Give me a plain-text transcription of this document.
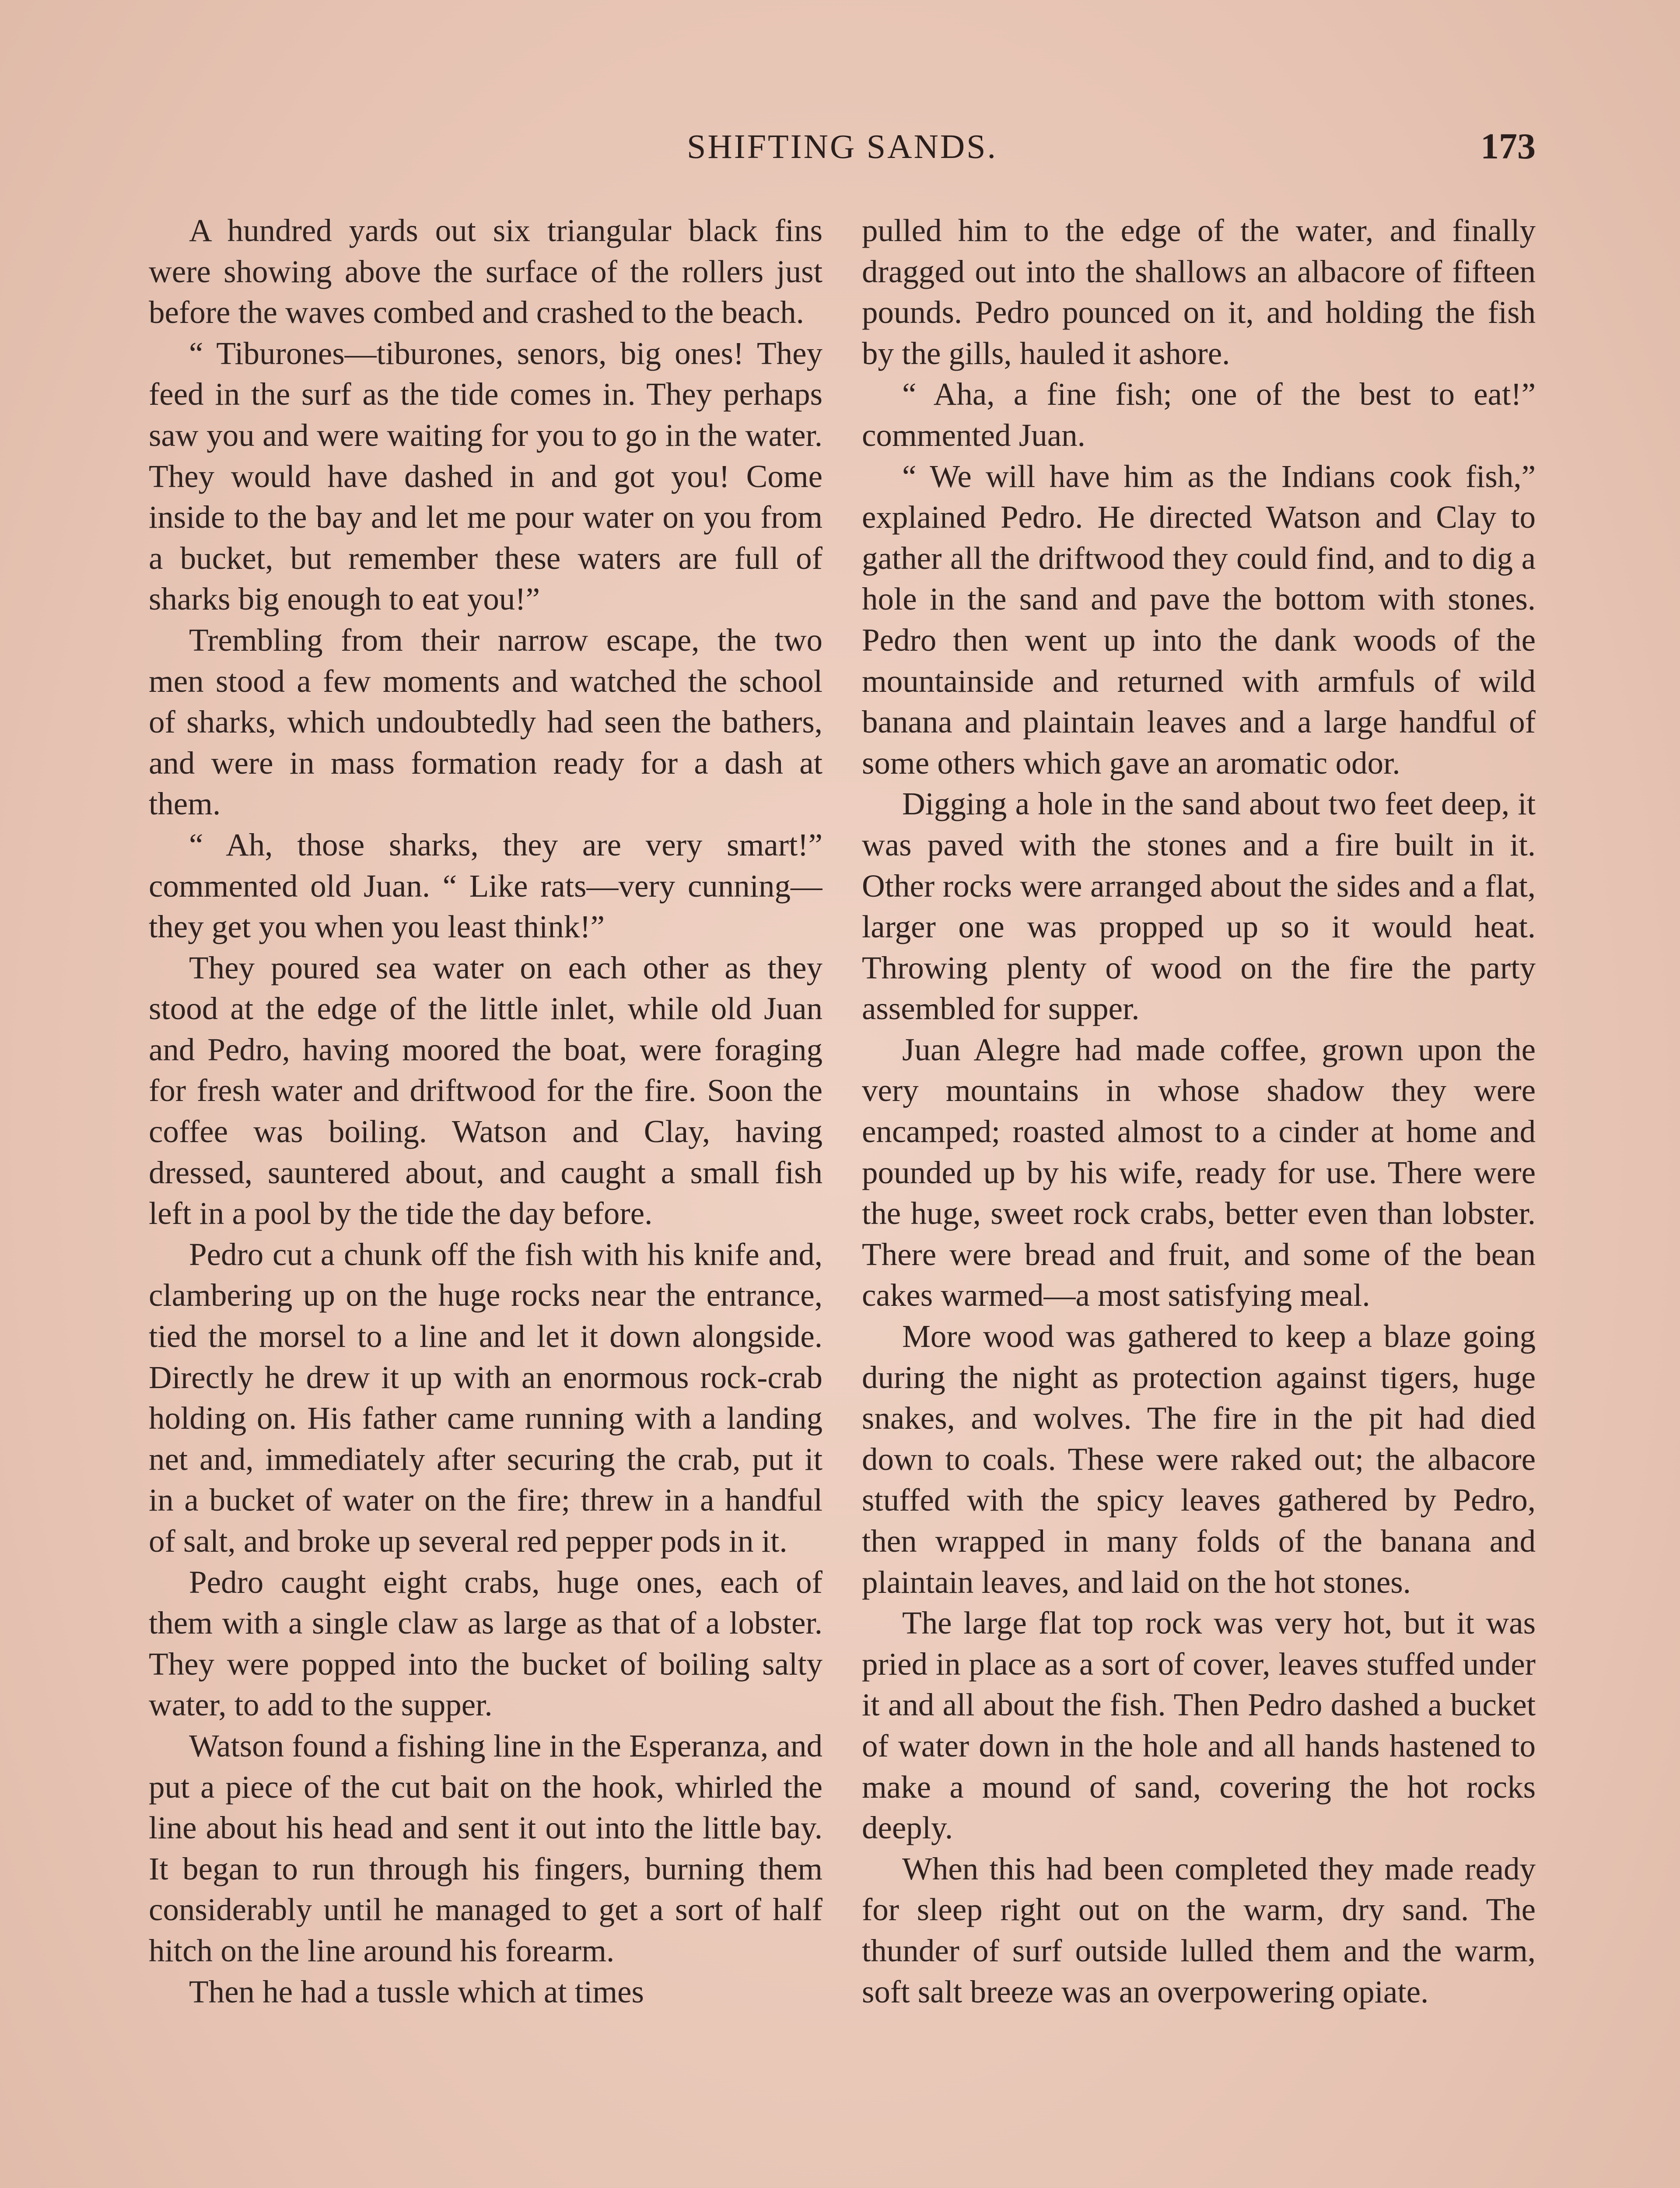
SHIFTING SANDS.	173

A hundred yards out six triangular black fins were showing above the surface of the rollers just before the waves combed and crashed to the beach.

“ Tiburones—tiburones, senors, big ones! They feed in the surf as the tide comes in. They perhaps saw you and were waiting for you to go in the water. They would have dashed in and got you! Come inside to the bay and let me pour water on you from a bucket, but remember these waters are full of sharks big enough to eat you!”

Trembling from their narrow escape, the two men stood a few moments and watched the school of sharks, which undoubtedly had seen the bathers, and were in mass formation ready for a dash at them.

“ Ah, those sharks, they are very smart!” commented old Juan. “ Like rats—very cunning—they get you when you least think!”

They poured sea water on each other as they stood at the edge of the little inlet, while old Juan and Pedro, having moored the boat, were foraging for fresh water and driftwood for the fire. Soon the coffee was boiling. Watson and Clay, having dressed, sauntered about, and caught a small fish left in a pool by the tide the day before.

Pedro cut a chunk off the fish with his knife and, clambering up on the huge rocks near the entrance, tied the morsel to a line and let it down alongside. Directly he drew it up with an enormous rock-crab holding on. His father came running with a landing net and, immediately after securing the crab, put it in a bucket of water on the fire; threw in a handful of salt, and broke up several red pepper pods in it.

Pedro caught eight crabs, huge ones, each of them with a single claw as large as that of a lobster. They were popped into the bucket of boiling salty water, to add to the supper.

Watson found a fishing line in the Esperanza, and put a piece of the cut bait on the hook, whirled the line about his head and sent it out into the little bay. It began to run through his fingers, burning them considerably until he managed to get a sort of half hitch on the line around his forearm.

Then he had a tussle which at times

pulled him to the edge of the water, and finally dragged out into the shallows an albacore of fifteen pounds. Pedro pounced on it, and holding the fish by the gills, hauled it ashore.

“ Aha, a fine fish; one of the best to eat!” commented Juan.

“ We will have him as the Indians cook fish,” explained Pedro. He directed Watson and Clay to gather all the driftwood they could find, and to dig a hole in the sand and pave the bottom with stones. Pedro then went up into the dank woods of the mountainside and returned with armfuls of wild banana and plaintain leaves and a large handful of some others which gave an aromatic odor.

Digging a hole in the sand about two feet deep, it was paved with the stones and a fire built in it. Other rocks were arranged about the sides and a flat, larger one was propped up so it would heat. Throwing plenty of wood on the fire the party assembled for supper.

Juan Alegre had made coffee, grown upon the very mountains in whose shadow they were encamped; roasted almost to a cinder at home and pounded up by his wife, ready for use. There were the huge, sweet rock crabs, better even than lobster. There were bread and fruit, and some of the bean cakes warmed—a most satisfying meal.

More wood was gathered to keep a blaze going during the night as protection against tigers, huge snakes, and wolves. The fire in the pit had died down to coals. These were raked out; the albacore stuffed with the spicy leaves gathered by Pedro, then wrapped in many folds of the banana and plaintain leaves, and laid on the hot stones.

The large flat top rock was very hot, but it was pried in place as a sort of cover, leaves stuffed under it and all about the fish. Then Pedro dashed a bucket of water down in the hole and all hands hastened to make a mound of sand, covering the hot rocks deeply.

When this had been completed they made ready for sleep right out on the warm, dry sand. The thunder of surf outside lulled them and the warm, soft salt breeze was an overpowering opiate.
